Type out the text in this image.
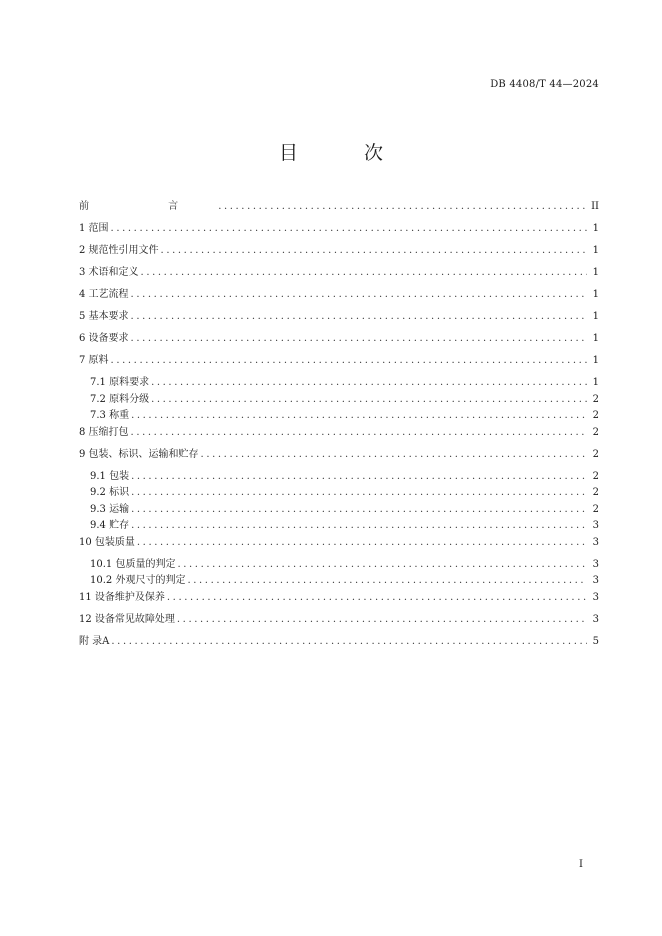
DB 4408/T 44—2024
目 次
前 言 .....	II
1 范围 .....	1
2 规范性引用文件 .....	1
3 术语和定义 .....	1
4 工艺流程 .....	1
5 基本要求 .....	1
6 设备要求 .....	1
7 原料 .....	1
7.1 原料要求 .....	1
7.2 原料分级 .....	2
7.3 称重 .....	2
8 压缩打包 .....	2
9 包装、标识、运输和贮存 .....	2
9.1 包装 .....	2
9.2 标识 .....	2
9.3 运输 .....	2
9.4 贮存 .....	3
10 包装质量 .....	3
10.1 包质量的判定 .....	3
10.2 外观尺寸的判定 .....	3
11 设备维护及保养 .....	3
12 设备常见故障处理 .....	3
附 录A .....	5
I
